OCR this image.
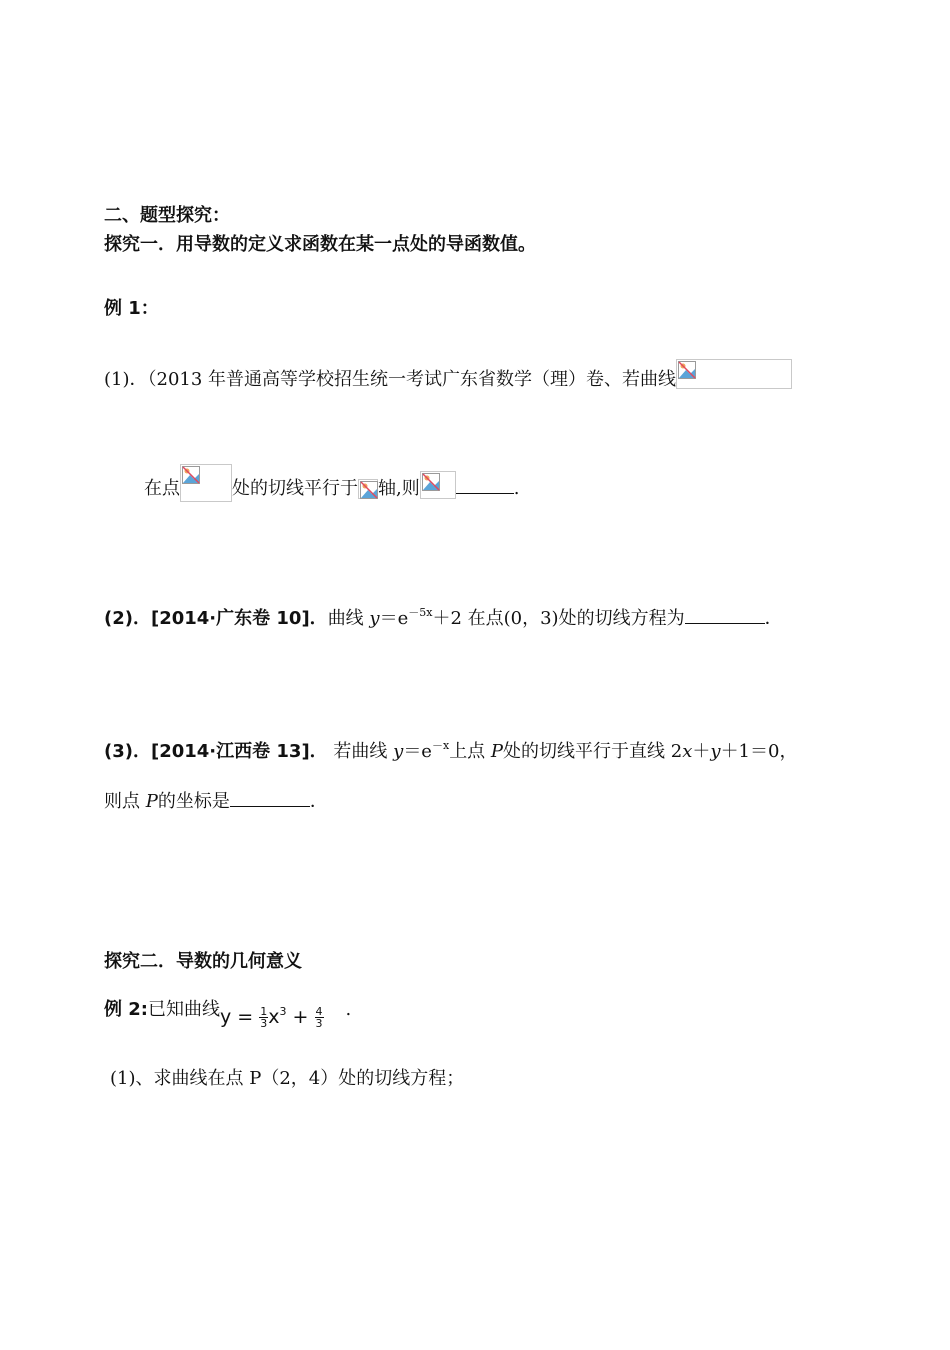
二、题型探究：
探究一．用导数的定义求函数在某一点处的导函数值。
例 1：
(1)．（2013 年普通高等学校招生统一考试广东省数学（理）卷、若曲线
在点	处的切线平行于 轴,则	.
(2)．[2014·广东卷 10]．曲线 $y=e^{-5x}+2$ 在点(0，3)处的切线方程为	．
(3)．[2014·江西卷 13]． 若曲线 $y=e^{-x}$上点 P处的切线平行于直线 2x＋y＋1＝0，
则点 P的坐标是	．
探究二．导数的几何意义
例 2:已知曲线$y = \frac{1}{3} x^3 + \frac{4}{3}$ .
(1)、求曲线在点 P（2，4）处的切线方程；
